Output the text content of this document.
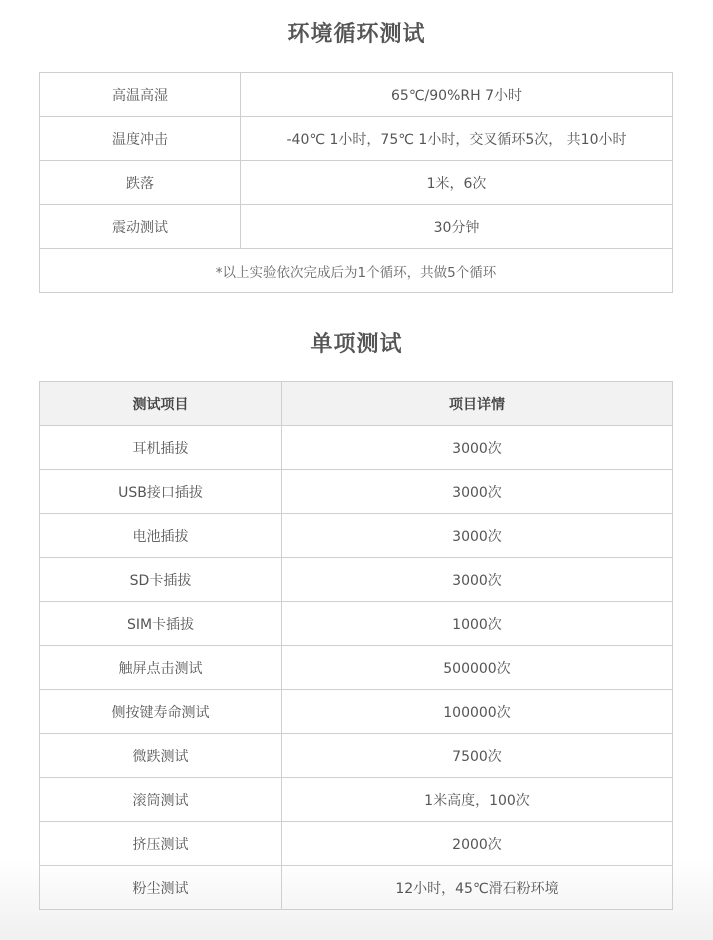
环境循环测试
高温高湿	65℃/90%RH 7小时
温度冲击	-40℃ 1小时，75℃ 1小时，交叉循环5次， 共10小时
跌落	1米，6次
震动测试	30分钟
*以上实验依次完成后为1个循环，共做5个循环	
单项测试
测试项目	项目详情
耳机插拔	3000次
USB接口插拔	3000次
电池插拔	3000次
SD卡插拔	3000次
SIM卡插拔	1000次
触屏点击测试	500000次
侧按键寿命测试	100000次
微跌测试	7500次
滚筒测试	1米高度，100次
挤压测试	2000次
粉尘测试	12小时，45℃滑石粉环境
